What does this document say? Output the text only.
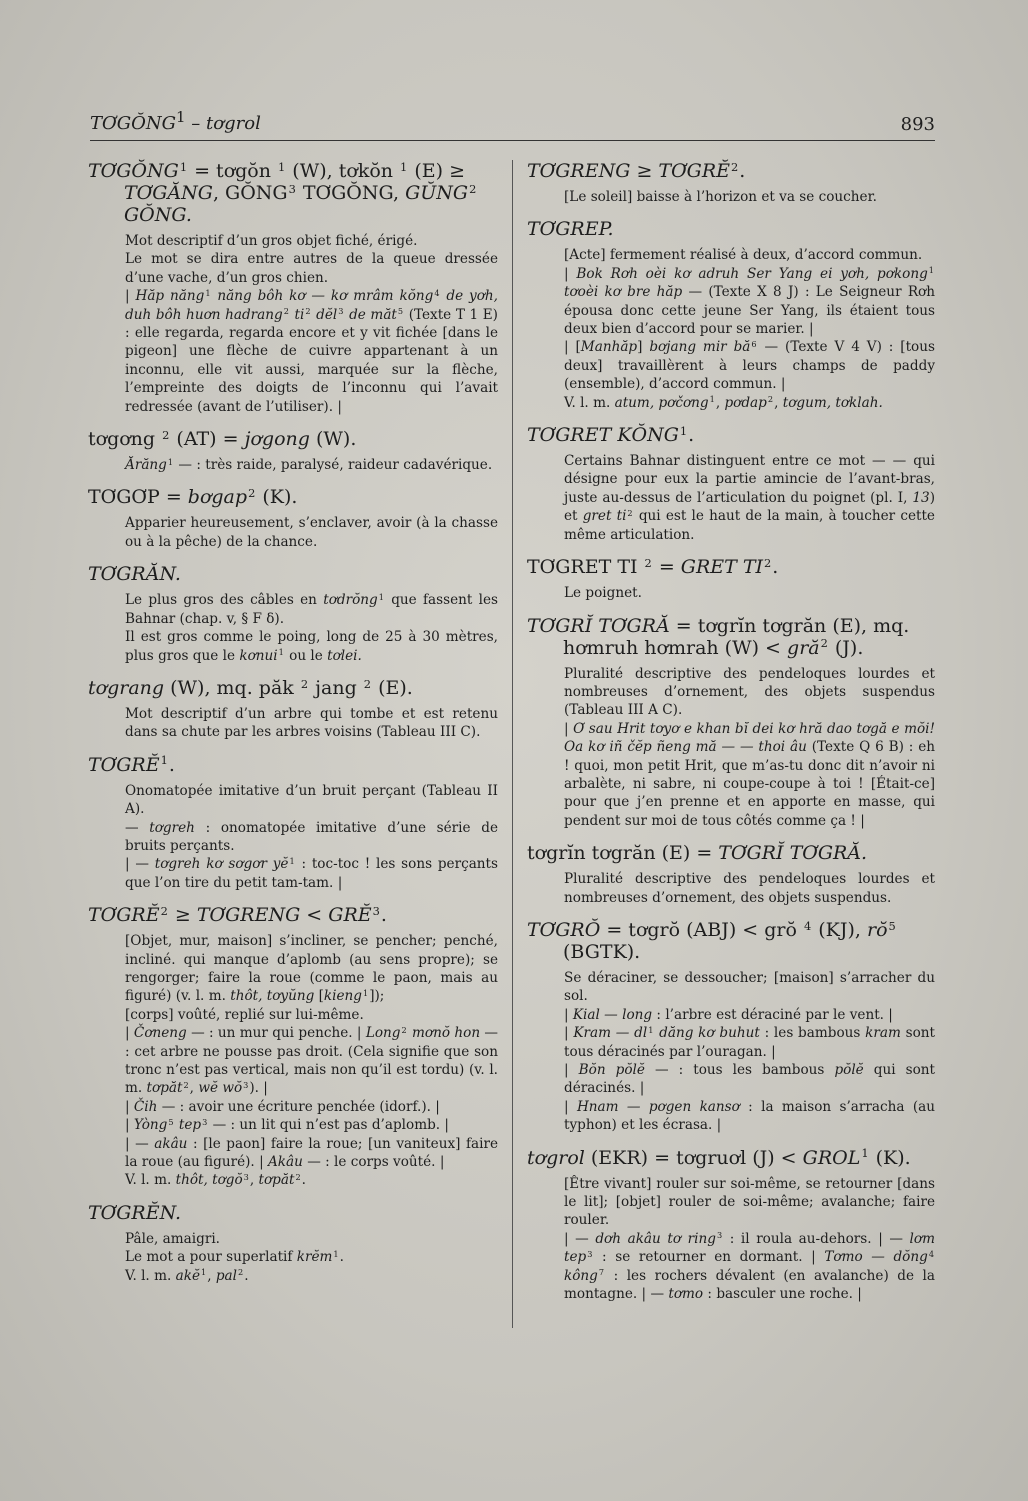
TƠGŎNG$^1$ – tơgrol	893
$TƠGŎNG^1$ = tơgŏn $^1$ (W), tơkŏn $^1$ (E) ≥ TƠGĂNG, GŎNG$^3$ TƠGŎNG, GŬNG$^2$ GŎNG.
Mot descriptif d’un gros objet fiché, érigé.
Le mot se dira entre autres de la queue dressée d’une vache, d’un gros chien.
| Hăp năng$^1$ năng bôh kơ — kơ mrâm kŏng$^4$ de yơh, duh bôh huơn hadrang$^2$ $ti^2$ dĕl$^3$ de măt$^5$ (Texte T 1 E) : elle regarda, regarda encore et y vit fichée [dans le pigeon] une flèche de cuivre appartenant à un inconnu, elle vit aussi, marquée sur la flèche, l’empreinte des doigts de l’inconnu qui l’avait redressée (avant de l’utiliser). |
tơgơng $^2$ (AT) = jơgong (W).
Ărăng$^1$ — : très raide, paralysé, raideur cadavérique.
TƠGƠP = bơgap$^2$ (K).
Apparier heureusement, s’enclaver, avoir (à la chasse ou à la pêche) de la chance.
TƠGRĂN.
Le plus gros des câbles en tơdrŏng$^1$ que fassent les Bahnar (chap. v, § F δ).
Il est gros comme le poing, long de 25 à 30 mètres, plus gros que le kơnui$^1$ ou le tơlei.
tơgrang (W), mq. păk $^2$ jang $^2$ (E).
Mot descriptif d’un arbre qui tombe et est retenu dans sa chute par les arbres voisins (Tableau III C).
TƠGRĔ$^1$.
Onomatopée imitative d’un bruit perçant (Tableau II A).
— tơgreh : onomatopée imitative d’une série de bruits perçants.
| — tơgreh kơ sơgơr $yĕ^1$ : toc-toc ! les sons perçants que l’on tire du petit tam-tam. |
$TƠGRĔ^2$ ≥ TƠGRENG < $GRĔ^3$.
[Objet, mur, maison] s’incliner, se pencher; penché, incliné. qui manque d’aplomb (au sens propre); se rengorger; faire la roue (comme le paon, mais au figuré) (v. l. m. thôt, tơyŭng [kieng$^1$]);
[corps] voûté, replié sur lui-même.
| Čơneng — : un mur qui penche. | Long$^2$ mơnŏ hon — : cet arbre ne pousse pas droit. (Cela signifie que son tronc n’est pas vertical, mais non qu’il est tordu) (v. l. m. tơpăt$^2$, wĕ $wŏ^3$). |
| Čih — : avoir une écriture penchée (idorf.). |
| Yòng$^5$ tep$^3$ — : un lit qui n’est pas d’aplomb. |
| — akâu : [le paon] faire la roue; [un vaniteux] faire la roue (au figuré). | Akâu — : le corps voûté. |
V. l. m. thôt, tơgŏ$^3$, tơpăt$^2$.
TƠGRĔN.
Pâle, amaigri.
Le mot a pour superlatif krĕm$^1$.
V. l. m. akĕ$^1$, pal$^2$.
TƠGRENG ≥ $TƠGRĔ^2$.
[Le soleil] baisse à l’horizon et va se coucher.
TƠGREP.
[Acte] fermement réalisé à deux, d’accord commun.
| Bok Rơh oèi kơ adruh Ser Yang ei yơh, pơkong$^1$ tơoèi kơ bre hăp — (Texte X 8 J) : Le Seigneur Rơh épousa donc cette jeune Ser Yang, ils étaient tous deux bien d’accord pour se marier. |
| [Manhăp] bơjang mir $bă^6$ — (Texte V 4 V) : [tous deux] travaillèrent à leurs champs de paddy (ensemble), d’accord commun. |
V. l. m. atum, pơčơng$^1$, pơdap$^2$, tơgum, tơklah.
TƠGRET KŎNG$^1$.
Certains Bahnar distinguent entre ce mot — — qui désigne pour eux la partie amincie de l’avant-bras, juste au-dessus de l’articulation du poignet (pl. I, 13) et gret $ti^2$ qui est le haut de la main, à toucher cette même articulation.
TƠGRET TI $^2$ = GRET $TI^2$.
Le poignet.
TƠGRĬ TƠGRĂ = tơgrĭn tơgrăn (E), mq. hơmruh hơmrah (W) < gră$^2$ (J).
Pluralité descriptive des pendeloques lourdes et nombreuses d’ornement, des objets suspendus (Tableau III A C).
| Ơ sau Hrit tơyơ e khan bĭ dei kơ hră dao tơgă e mŏi! Oa kơ iñ čĕp ñeng mă — — thoi âu (Texte Q 6 B) : eh ! quoi, mon petit Hrit, que m’as-tu donc dit n’avoir ni arbalète, ni sabre, ni coupe-coupe à toi ! [Était-ce] pour que j’en prenne et en apporte en masse, qui pendent sur moi de tous côtés comme ça ! |
tơgrĭn tơgrăn (E) = TƠGRĬ TƠGRĂ.
Pluralité descriptive des pendeloques lourdes et nombreuses d’ornement, des objets suspendus.
TƠGRŎ = tơgrŏ (ABJ) < grŏ $^4$ (KJ), $rŏ^5$ (BGTK).
Se déraciner, se dessoucher; [maison] s’arracher du sol.
| Kial — long : l’arbre est déraciné par le vent. |
| Kram — $dl^1$ dăng kơ buhut : les bambous kram sont tous déracinés par l’ouragan. |
| Bŏn pŏlĕ — : tous les bambous pŏlĕ qui sont déracinés. |
| Hnam — pơgen kansơ : la maison s’arracha (au typhon) et les écrasa. |
tơgrol (EKR) = tơgruơl $(J) < GROL^1$ (K).
[Être vivant] rouler sur soi-même, se retourner [dans le lit]; [objet] rouler de soi-même; avalanche; faire rouler.
| — dơh akâu tơ ring$^3$ : il roula au-dehors. | — lơm tep$^3$ : se retourner en dormant. | Tơmo — dŏng$^4$ kông$^7$ : les rochers dévalent (en avalanche) de la montagne. | — tơmo : basculer une roche. |
